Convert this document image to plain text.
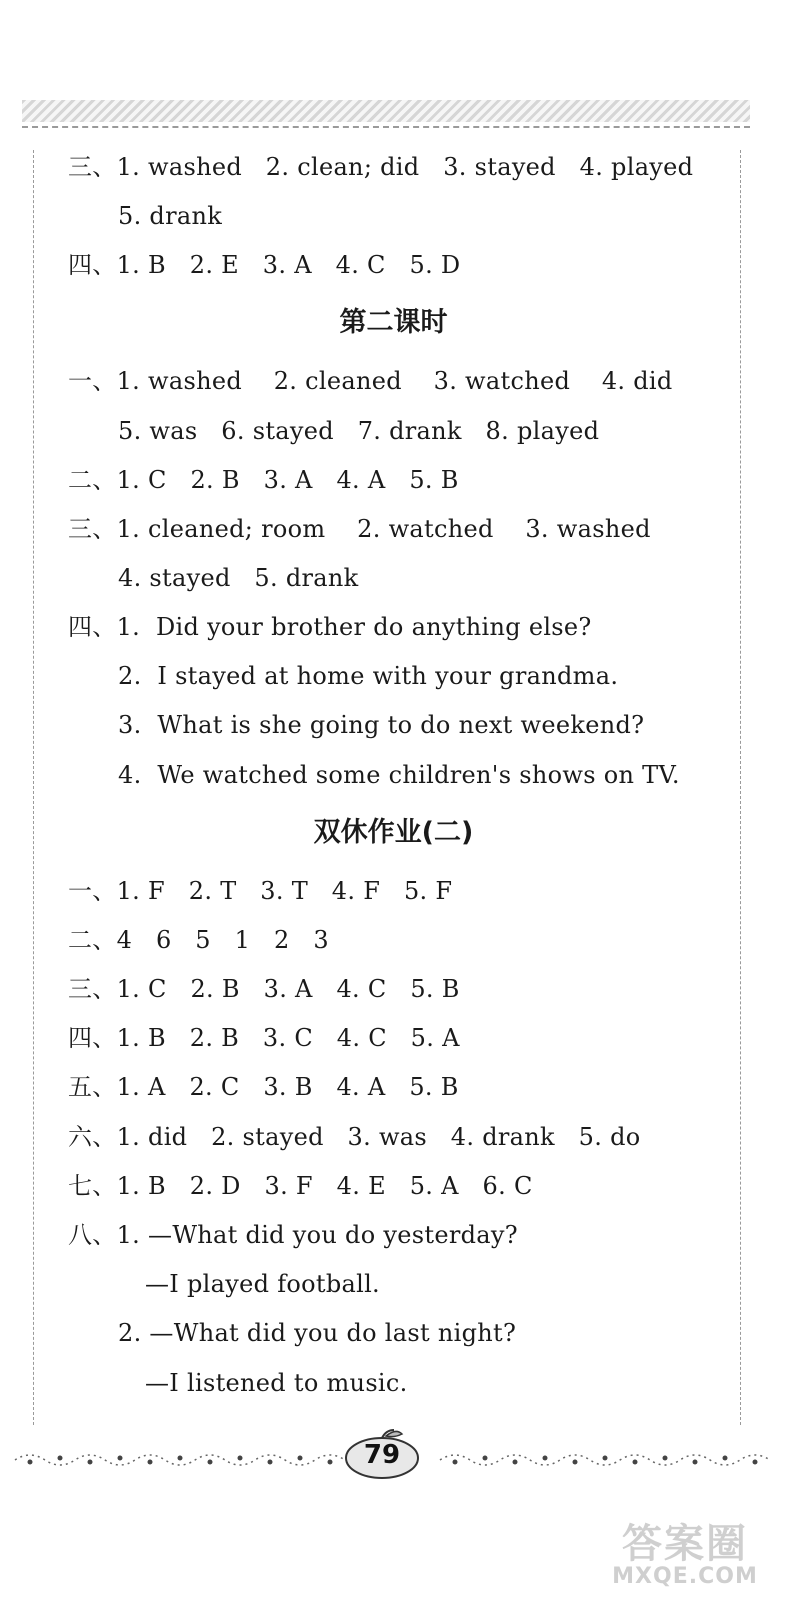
三、1. washed   2. clean; did   3. stayed   4. played
5. drank
四、1. B   2. E   3. A   4. C   5. D
第二课时
一、1. washed    2. cleaned    3. watched    4. did
5. was   6. stayed   7. drank   8. played
二、1. C   2. B   3. A   4. A   5. B
三、1. cleaned; room    2. watched    3. washed
4. stayed   5. drank
四、1.  Did your brother do anything else?
2.  I stayed at home with your grandma.
3.  What is she going to do next weekend?
4.  We watched some children's shows on TV.
双休作业(二)
一、1. F   2. T   3. T   4. F   5. F
二、4   6   5   1   2   3
三、1. C   2. B   3. A   4. C   5. B
四、1. B   2. B   3. C   4. C   5. A
五、1. A   2. C   3. B   4. A   5. B
六、1. did   2. stayed   3. was   4. drank   5. do
七、1. B   2. D   3. F   4. E   5. A   6. C
八、1. —What did you do yesterday?
—I played football.
2. —What did you do last night?
—I listened to music.
79
答案圈
MXQE.COM
